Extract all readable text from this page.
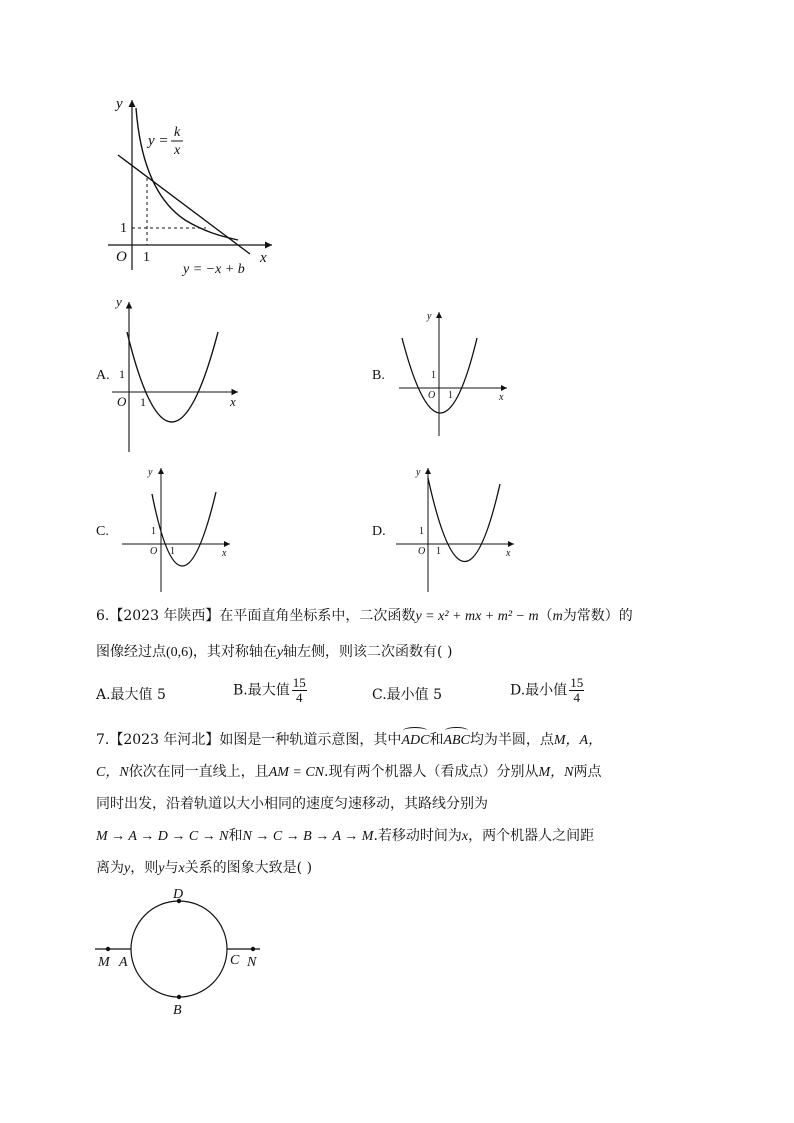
y
x
O 1
1
y =
k
x
y = −x + b
A.
y
x
O 1
1	B.
y
x
O 1
1
C.
y
x
O 1
1	D.
y
x
O 1
1
6.【2023 年陕西】在平面直角坐标系中，二次函数y = x² + mx + m² − m（m为常数）的
图像经过点(0,6)，其对称轴在y轴左侧，则该二次函数有( )
A.最大值 5	B.最大值 $\frac{15}{4}$	C.最小值 5	D.最小值 $\frac{15}{4}$
7.【2023 年河北】如图是一种轨道示意图，其中ADC和ABC均为半圆，点M，A，
C，N依次在同一直线上，且AM = CN.现有两个机器人（看成点）分别从M，N两点
同时出发，沿着轨道以大小相同的速度匀速移动，其路线分别为
M → A → D → C → N和N → C → B → A → M.若移动时间为x，两个机器人之间距
离为y，则y与x关系的图象大致是( )
D
B
M A	C N
